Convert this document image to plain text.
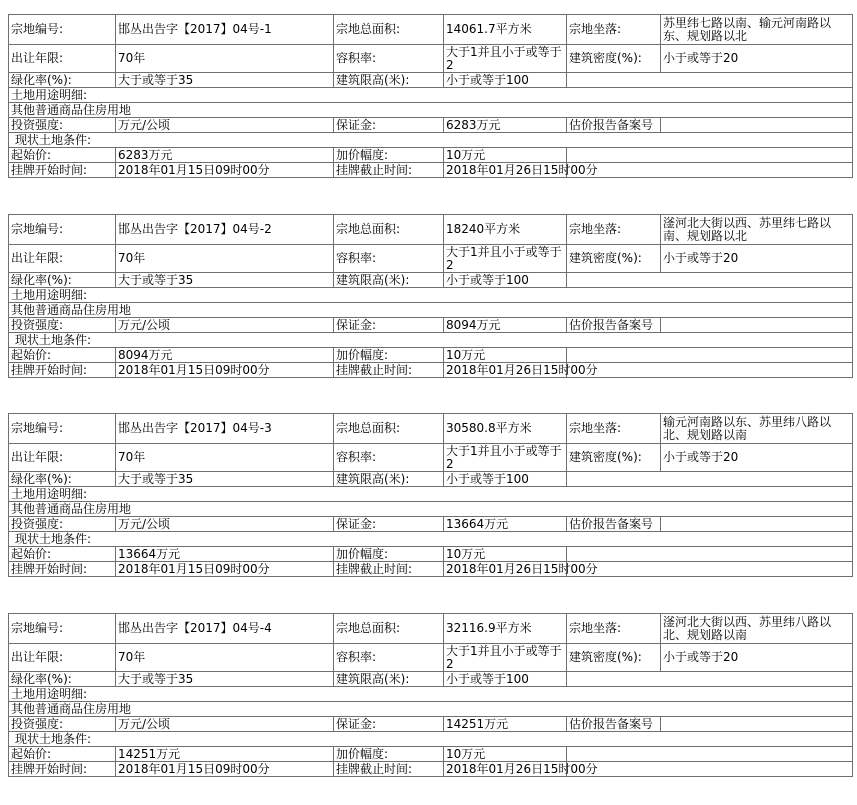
宗地编号:	邯丛出告字【2017】04号-1	宗地总面积:	14061.7平方米	宗地坐落:	苏里纬七路以南、输元河南路以东、规划路以北
出让年限:	70年	容积率:	大于1并且小于或等于2	建筑密度(%):	小于或等于20
绿化率(%):	大于或等于35	建筑限高(米):	小于或等于100		
土地用途明细:					
其他普通商品住房用地					
投资强度:	万元/公顷	保证金:	6283万元	估价报告备案号	
现状土地条件:					
起始价:	6283万元	加价幅度:	10万元		
挂牌开始时间:	2018年01月15日09时00分	挂牌截止时间:	2018年01月26日15时00分		
宗地编号:	邯丛出告字【2017】04号-2	宗地总面积:	18240平方米	宗地坐落:	滏河北大街以西、苏里纬七路以南、规划路以北
出让年限:	70年	容积率:	大于1并且小于或等于2	建筑密度(%):	小于或等于20
绿化率(%):	大于或等于35	建筑限高(米):	小于或等于100		
土地用途明细:					
其他普通商品住房用地					
投资强度:	万元/公顷	保证金:	8094万元	估价报告备案号	
现状土地条件:					
起始价:	8094万元	加价幅度:	10万元		
挂牌开始时间:	2018年01月15日09时00分	挂牌截止时间:	2018年01月26日15时00分		
宗地编号:	邯丛出告字【2017】04号-3	宗地总面积:	30580.8平方米	宗地坐落:	输元河南路以东、苏里纬八路以北、规划路以南
出让年限:	70年	容积率:	大于1并且小于或等于2	建筑密度(%):	小于或等于20
绿化率(%):	大于或等于35	建筑限高(米):	小于或等于100		
土地用途明细:					
其他普通商品住房用地					
投资强度:	万元/公顷	保证金:	13664万元	估价报告备案号	
现状土地条件:					
起始价:	13664万元	加价幅度:	10万元		
挂牌开始时间:	2018年01月15日09时00分	挂牌截止时间:	2018年01月26日15时00分		
宗地编号:	邯丛出告字【2017】04号-4	宗地总面积:	32116.9平方米	宗地坐落:	滏河北大街以西、苏里纬八路以北、规划路以南
出让年限:	70年	容积率:	大于1并且小于或等于2	建筑密度(%):	小于或等于20
绿化率(%):	大于或等于35	建筑限高(米):	小于或等于100		
土地用途明细:					
其他普通商品住房用地					
投资强度:	万元/公顷	保证金:	14251万元	估价报告备案号	
现状土地条件:					
起始价:	14251万元	加价幅度:	10万元		
挂牌开始时间:	2018年01月15日09时00分	挂牌截止时间:	2018年01月26日15时00分		
